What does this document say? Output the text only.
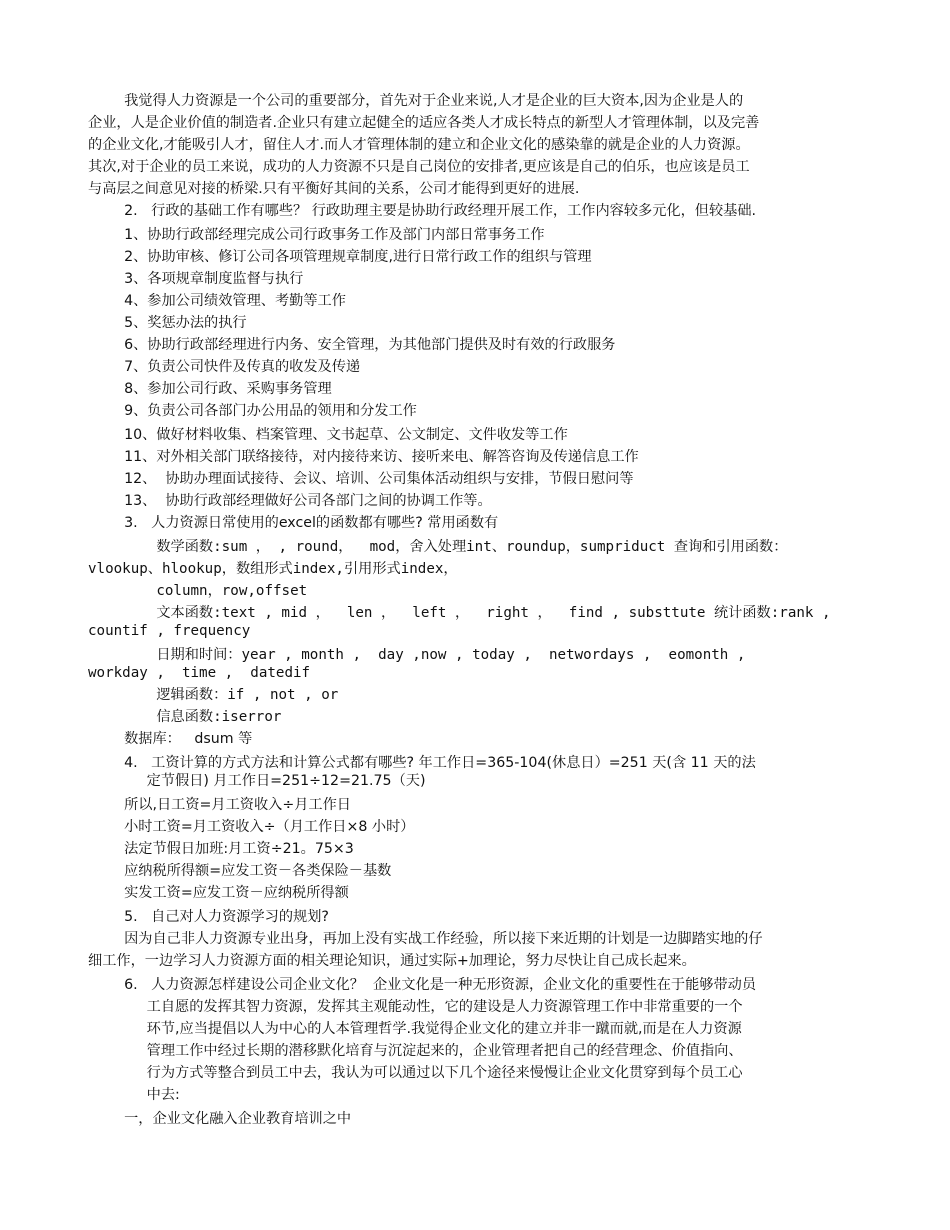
我觉得人力资源是一个公司的重要部分，首先对于企业来说,人才是企业的巨大资本,因为企业是人的
企业，人是企业价值的制造者.企业只有建立起健全的适应各类人才成长特点的新型人才管理体制，以及完善
的企业文化,才能吸引人才，留住人才.而人才管理体制的建立和企业文化的感染靠的就是企业的人力资源。
其次,对于企业的员工来说，成功的人力资源不只是自己岗位的安排者,更应该是自己的伯乐，也应该是员工
与高层之间意见对接的桥梁.只有平衡好其间的关系，公司才能得到更好的进展.
2.   行政的基础工作有哪些？ 行政助理主要是协助行政经理开展工作，工作内容较多元化，但较基础.
1、协助行政部经理完成公司行政事务工作及部门内部日常事务工作
2、协助审核、修订公司各项管理规章制度,进行日常行政工作的组织与管理
3、各项规章制度监督与执行
4、参加公司绩效管理、考勤等工作
5、奖惩办法的执行
6、协助行政部经理进行内务、安全管理，为其他部门提供及时有效的行政服务
7、负责公司快件及传真的收发及传递
8、参加公司行政、采购事务管理
9、负责公司各部门办公用品的领用和分发工作
10、做好材料收集、档案管理、文书起草、公文制定、文件收发等工作
11、对外相关部门联络接待，对内接待来访、接听来电、解答咨询及传递信息工作
12、  协助办理面试接待、会议、培训、公司集体活动组织与安排，节假日慰问等
13、  协助行政部经理做好公司各部门之间的协调工作等。
3.   人力资源日常使用的excel的函数都有哪些? 常用函数有
数学函数:sum ， , round，  mod，舍入处理int、roundup，sumpriduct 查询和引用函数：
vlookup、hlookup，数组形式index,引用形式index，
column，row,offset
文本函数:text , mid ，  len ，  left ，  right ，  find , substtute 统计函数:rank ,
countif , frequency
日期和时间：year , month ,  day ,now , today ,  networdays ,  eomonth ,
workday ,  time ,  datedif
逻辑函数：if , not , or
信息函数:iserror
数据库：   dsum 等
4.   工资计算的方式方法和计算公式都有哪些? 年工作日=365-104(休息日）=251 天(含 11 天的法
定节假日) 月工作日=251÷12=21.75（天)
所以,日工资=月工资收入÷月工作日
小时工资=月工资收入÷（月工作日×8 小时）
法定节假日加班:月工资÷21。75×3
应纳税所得额=应发工资－各类保险－基数
实发工资=应发工资－应纳税所得额
5.   自己对人力资源学习的规划?
因为自己非人力资源专业出身，再加上没有实战工作经验，所以接下来近期的计划是一边脚踏实地的仔
细工作，一边学习人力资源方面的相关理论知识，通过实际+加理论，努力尽快让自己成长起来。
6.   人力资源怎样建设公司企业文化？  企业文化是一种无形资源，企业文化的重要性在于能够带动员
工自愿的发挥其智力资源，发挥其主观能动性，它的建设是人力资源管理工作中非常重要的一个
环节,应当提倡以人为中心的人本管理哲学.我觉得企业文化的建立并非一蹴而就,而是在人力资源
管理工作中经过长期的潜移默化培育与沉淀起来的，企业管理者把自己的经营理念、价值指向、
行为方式等整合到员工中去，我认为可以通过以下几个途径来慢慢让企业文化贯穿到每个员工心
中去:
一，企业文化融入企业教育培训之中
